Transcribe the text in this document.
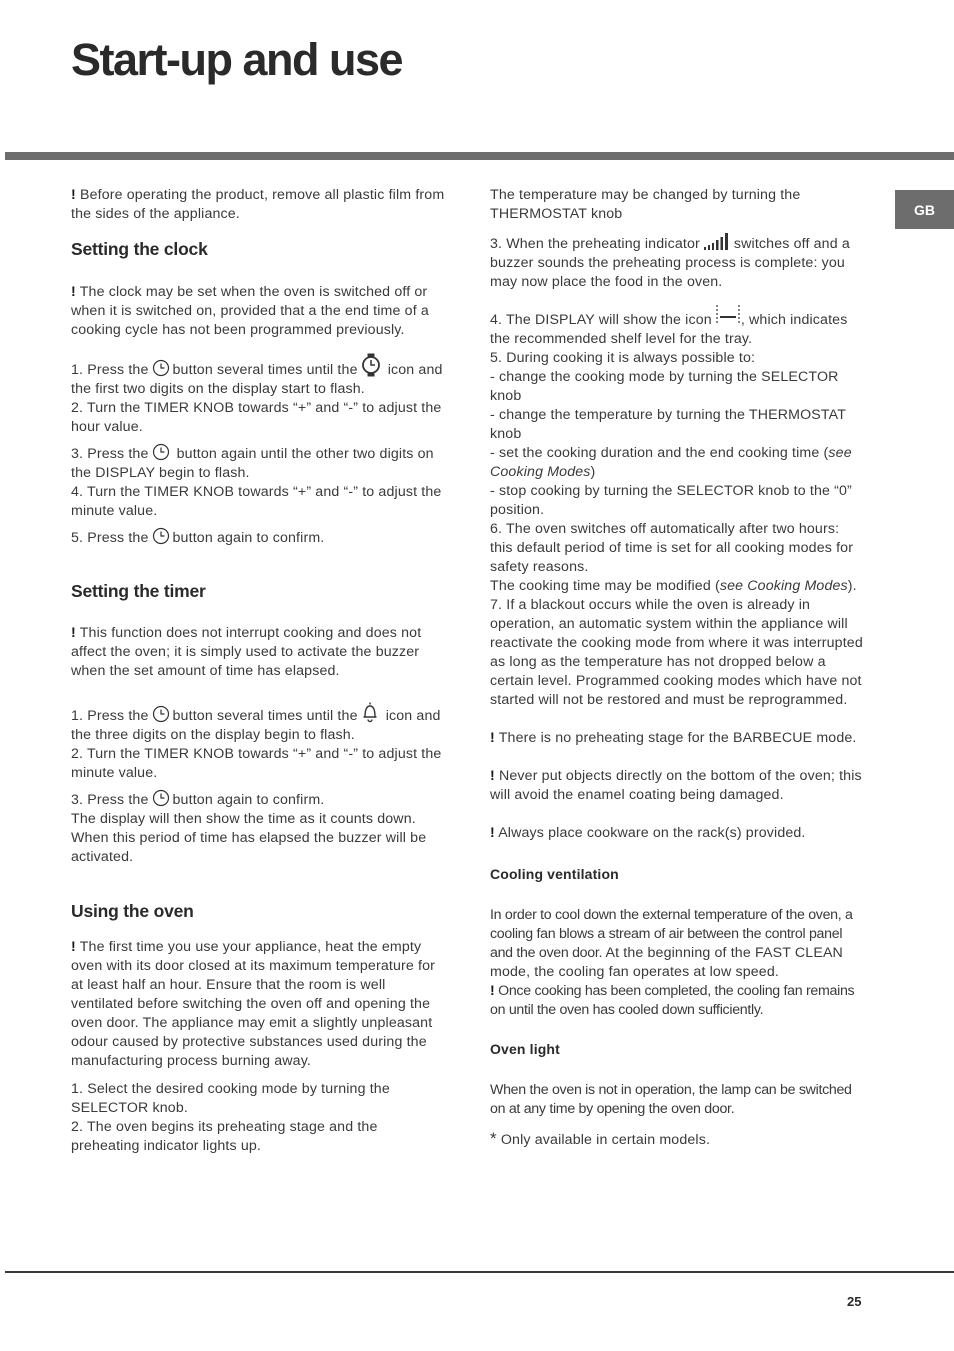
Start-up and use
GB

! Before operating the product, remove all plastic film from the sides of the appliance.

Setting the clock

! The clock may be set when the oven is switched off or when it is switched on, provided that a the end time of a cooking cycle has not been programmed previously.

1. Press the button several times until the icon and the first two digits on the display start to flash.

2. Turn the TIMER KNOB towards “+” and “-” to adjust the hour value.

3. Press the button again until the other two digits on the DISPLAY begin to flash.

4. Turn the TIMER KNOB towards “+” and “-” to adjust the minute value.

5. Press the button again to confirm.

Setting the timer

! This function does not interrupt cooking and does not affect the oven; it is simply used to activate the buzzer when the set amount of time has elapsed.

1. Press the button several times until the icon and the three digits on the display begin to flash.

2. Turn the TIMER KNOB towards “+” and “-” to adjust the minute value.

3. Press the button again to confirm.

The display will then show the time as it counts down. When this period of time has elapsed the buzzer will be activated.

Using the oven

! The first time you use your appliance, heat the empty oven with its door closed at its maximum temperature for at least half an hour. Ensure that the room is well ventilated before switching the oven off and opening the oven door. The appliance may emit a slightly unpleasant odour caused by protective substances used during the manufacturing process burning away.

1. Select the desired cooking mode by turning the SELECTOR knob.

2. The oven begins its preheating stage and the preheating indicator lights up.

The temperature may be changed by turning the THERMOSTAT knob

3. When the preheating indicator switches off and a buzzer sounds the preheating process is complete: you may now place the food in the oven.

4. The DISPLAY will show the icon , which indicates the recommended shelf level for the tray.

5. During cooking it is always possible to:

- change the cooking mode by turning the SELECTOR knob

- change the temperature by turning the THERMOSTAT knob

- set the cooking duration and the end cooking time (see Cooking Modes)

- stop cooking by turning the SELECTOR knob to the “0” position.

6. The oven switches off automatically after two hours: this default period of time is set for all cooking modes for safety reasons.

The cooking time may be modified (see Cooking Modes).

7. If a blackout occurs while the oven is already in operation, an automatic system within the appliance will reactivate the cooking mode from where it was interrupted as long as the temperature has not dropped below a certain level. Programmed cooking modes which have not started will not be restored and must be reprogrammed.

! There is no preheating stage for the BARBECUE mode.

! Never put objects directly on the bottom of the oven; this will avoid the enamel coating being damaged.

! Always place cookware on the rack(s) provided.

Cooling ventilation

In order to cool down the external temperature of the oven, a cooling fan blows a stream of air between the control panel and the oven door. At the beginning of the FAST CLEAN mode, the cooling fan operates at low speed.

! Once cooking has been completed, the cooling fan remains on until the oven has cooled down sufficiently.

Oven light

When the oven is not in operation, the lamp can be switched on at any time by opening the oven door.

* Only available in certain models.

25
